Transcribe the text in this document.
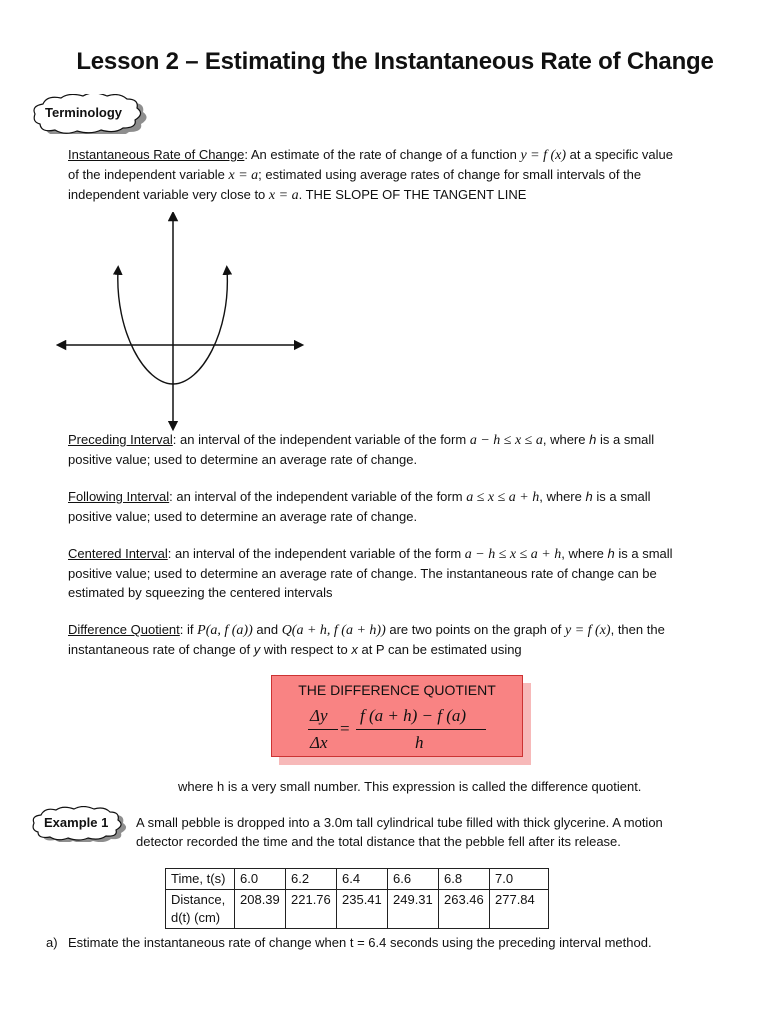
Lesson 2 – Estimating the Instantaneous Rate of Change
Terminology
Instantaneous Rate of Change: An estimate of the rate of change of a function y = f (x) at a specific value
of the independent variable x = a; estimated using average rates of change for small intervals of the
independent variable very close to x = a. THE SLOPE OF THE TANGENT LINE
Preceding Interval: an interval of the independent variable of the form a − h ≤ x ≤ a, where h is a small
positive value; used to determine an average rate of change.
Following Interval: an interval of the independent variable of the form a ≤ x ≤ a + h, where h is a small
positive value; used to determine an average rate of change.
Centered Interval: an interval of the independent variable of the form a − h ≤ x ≤ a + h, where h is a small
positive value; used to determine an average rate of change. The instantaneous rate of change can be
estimated by squeezing the centered intervals
Difference Quotient: if P(a, f (a)) and Q(a + h, f (a + h)) are two points on the graph of y = f (x), then the
instantaneous rate of change of y with respect to x at P can be estimated using
THE DIFFERENCE QUOTIENT
Δy
Δx
=
f (a + h) − f (a)
h
where h is a very small number. This expression is called the difference quotient.
Example 1 A small pebble is dropped into a 3.0m tall cylindrical tube filled with thick glycerine. A motion
detector recorded the time and the total distance that the pebble fell after its release.
Time, t(s)	6.0	6.2	6.4	6.6	6.8	7.0

Distance,
d(t) (cm)	208.39	221.76	235.41	249.31	263.46	277.84
a) Estimate the instantaneous rate of change when t = 6.4 seconds using the preceding interval method.
